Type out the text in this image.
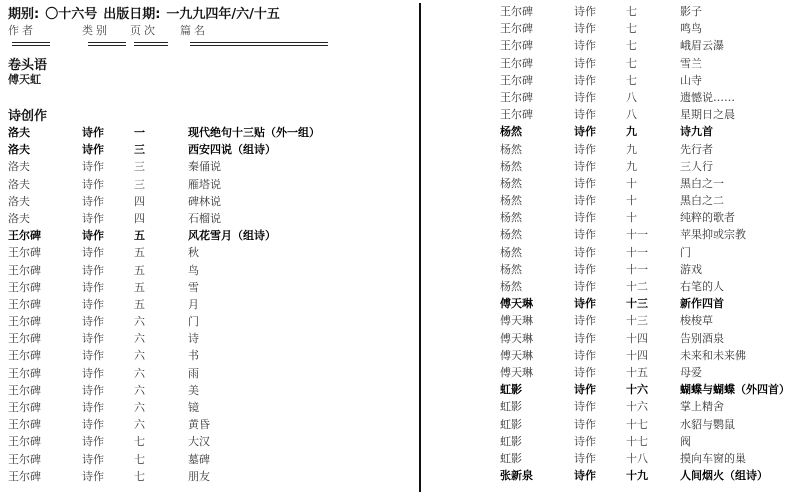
期别: 〇十六号 出版日期: 一九九四年/六/十五
作者	类别 页次 篇名
卷头语
傅天虹
诗创作
洛夫	诗作	一	现代绝句十三贴（外一组）
洛夫	诗作	三	西安四说（组诗）
洛夫	诗作	三	秦俑说
洛夫	诗作	三	雁塔说
洛夫	诗作	四	碑林说
洛夫	诗作	四	石榴说
王尔碑	诗作	五	风花雪月（组诗）
王尔碑	诗作	五	秋
王尔碑	诗作	五	鸟
王尔碑	诗作	五	雪
王尔碑	诗作	五	月
王尔碑	诗作	六	门
王尔碑	诗作	六	诗
王尔碑	诗作	六	书
王尔碑	诗作	六	雨
王尔碑	诗作	六	美
王尔碑	诗作	六	镜
王尔碑	诗作	六	黄昏
王尔碑	诗作	七	大汉
王尔碑	诗作	七	墓碑
王尔碑	诗作	七	朋友
王尔碑	诗作	七	影子
王尔碑	诗作	七	鸣鸟
王尔碑	诗作	七	峨眉云瀑
王尔碑	诗作	七	雪兰
王尔碑	诗作	七	山寺
王尔碑	诗作	八	遗憾说……
王尔碑	诗作	八	星期日之晨
杨然	诗作	九	诗九首
杨然	诗作	九	先行者
杨然	诗作	九	三人行
杨然	诗作	十	黑白之一
杨然	诗作	十	黑白之二
杨然	诗作	十	纯粹的歌者
杨然	诗作	十一	苹果抑或宗教
杨然	诗作	十一	门
杨然	诗作	十一	游戏
杨然	诗作	十二	右笔的人
傅天琳	诗作	十三	新作四首
傅天琳	诗作	十三	梭梭草
傅天琳	诗作	十四	告别酒泉
傅天琳	诗作	十四	未来和未来佛
傅天琳	诗作	十五	母爱
虹影	诗作	十六	蝴蝶与蝴蝶（外四首）
虹影	诗作	十六	掌上精舍
虹影	诗作	十七	水貂与鹦鼠
虹影	诗作	十七	阀
虹影	诗作	十八	摸向车窗的巢
张新泉	诗作	十九	人间烟火（组诗）
